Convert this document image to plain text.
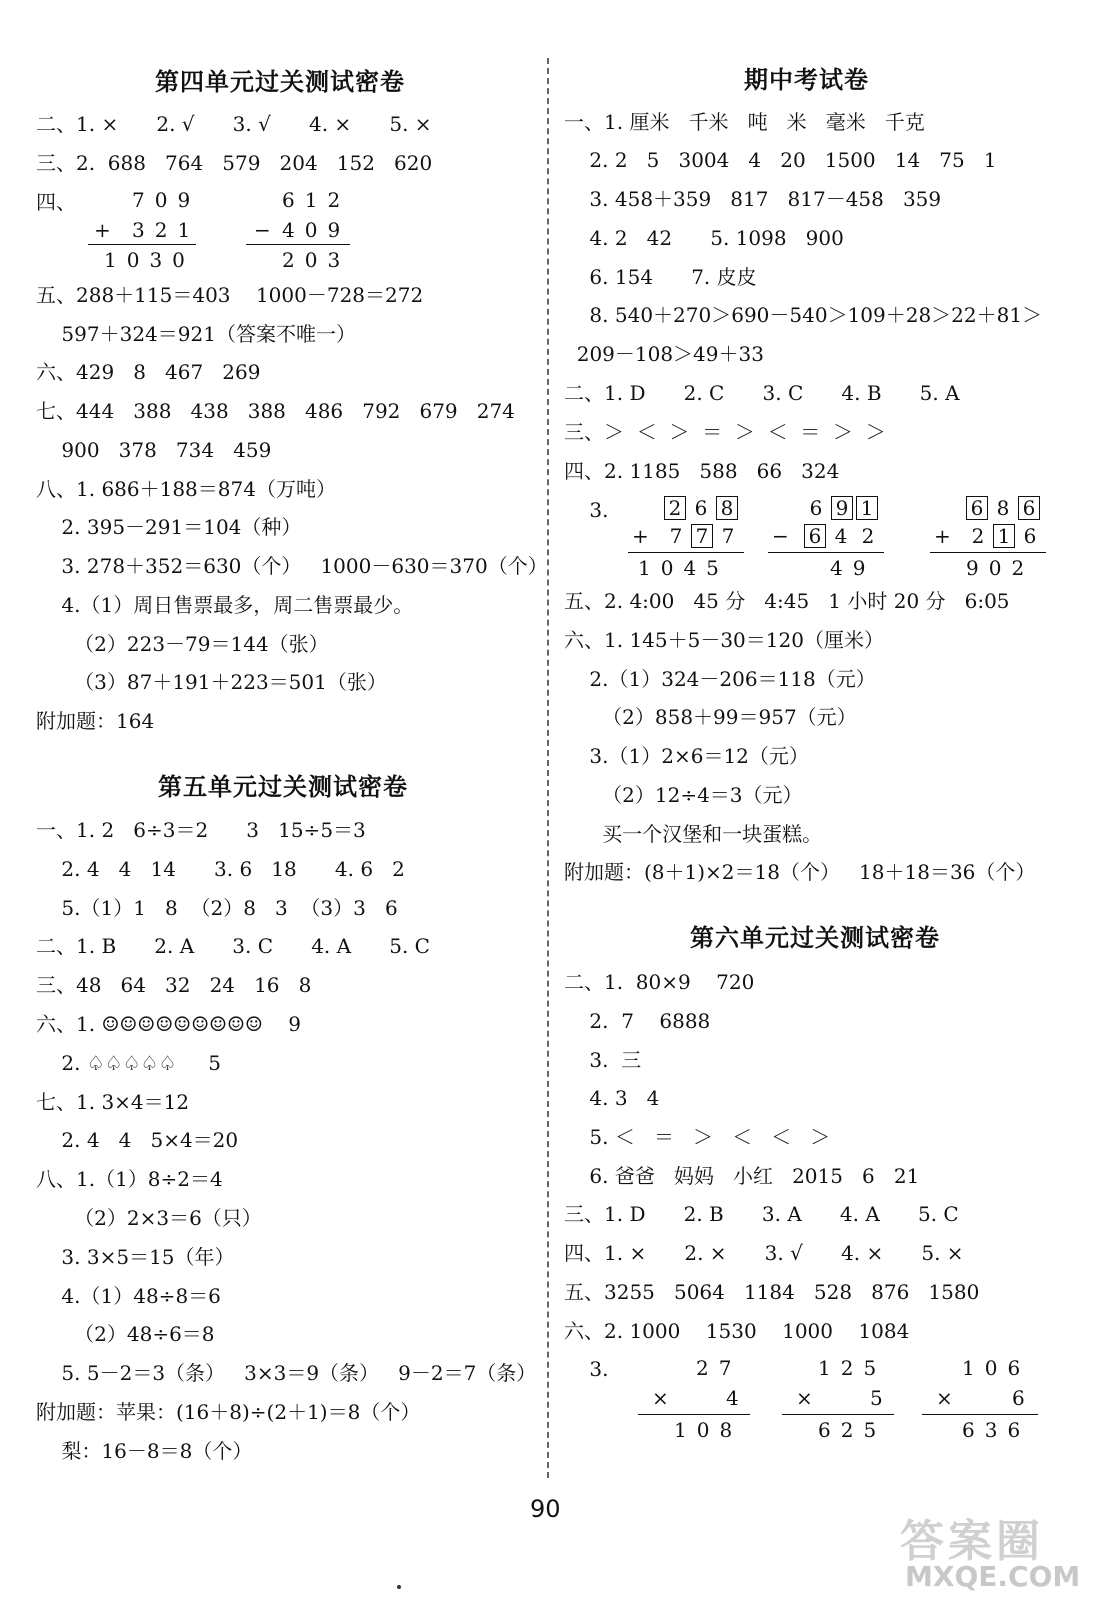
第四单元过关测试密卷
二、1. ×      2. √      3. √      4. ×      5. ×
三、2.  688   764   579   204   152   620
四、	709
+ 321
1030
612
− 409
203
五、288＋115＝403    1000－728＝272
597＋324＝921（答案不唯一）
六、429   8   467   269
七、444   388   438   388   486   792   679   274
900   378   734   459
八、1. 686＋188＝874（万吨）
2. 395－291＝104（种）
3. 278＋352＝630（个）   1000－630＝370（个）
4.（1）周日售票最多，周二售票最少。
（2）223－79＝144（张）
（3）87＋191＋223＝501（张）
附加题：164
第五单元过关测试密卷
一、1. 2   6÷3＝2      3   15÷5＝3
2. 4   4   14      3. 6   18      4. 6   2
5.（1）1   8  （2）8   3  （3）3   6
二、1. B      2. A      3. C      4. A      5. C
三、48   64   32   24   16   8
六、1. ☺☺☺☺☺☺☺☺☺    9
2. ♤♤♤♤♤     5
七、1. 3×4＝12
2. 4   4   5×4＝20
八、1.（1）8÷2＝4
（2）2×3＝6（只）
3. 3×5＝15（年）
4.（1）48÷8＝6
（2）48÷6＝8
5. 5－2＝3（条）   3×3＝9（条）   9－2＝7（条）
附加题：苹果：(16＋8)÷(2＋1)＝8（个）
梨：16－8＝8（个）
期中考试卷
一、1. 厘米   千米   吨   米   毫米   千克
2. 2   5   3004   4   20   1500   14   75   1
3. 458＋359   817   817－458   359
4. 2   42      5. 1098   900
6. 154      7. 皮皮
8. 540＋270＞690－540＞109＋28＞22＋81＞
209－108＞49＋33
二、1. D      2. C      3. C      4. B      5. A
三、＞  ＜  ＞  ＝  ＞  ＜  ＝  ＞  ＞
四、2. 1185   588   66   324
3.	2 6 8
+ 7 7 7
1045
6 9 1
− 6 4 2
49
6 8 6
+ 2 1 6
902
五、2. 4:00   45 分   4:45   1 小时 20 分   6:05
六、1. 145＋5－30＝120（厘米）
2.（1）324－206＝118（元）
（2）858＋99＝957（元）
3.（1）2×6＝12（元）
（2）12÷4＝3（元）
买一个汉堡和一块蛋糕。
附加题：(8＋1)×2＝18（个）   18＋18＝36（个）
第六单元过关测试密卷
二、1.  80×9    720
2.  7    6888
3.  三
4. 3   4
5. ＜   ＝   ＞   ＜   ＜   ＞
6. 爸爸   妈妈   小红   2015   6   21
三、1. D      2. B      3. A      4. A      5. C
四、1. ×      2. ×      3. √      4. ×      5. ×
五、3255   5064   1184   528   876   1580
六、2. 1000    1530    1000    1084
3.	27
× 4
108
125
× 5
625
106
× 6
636
90
答案圈
MXQE.COM
